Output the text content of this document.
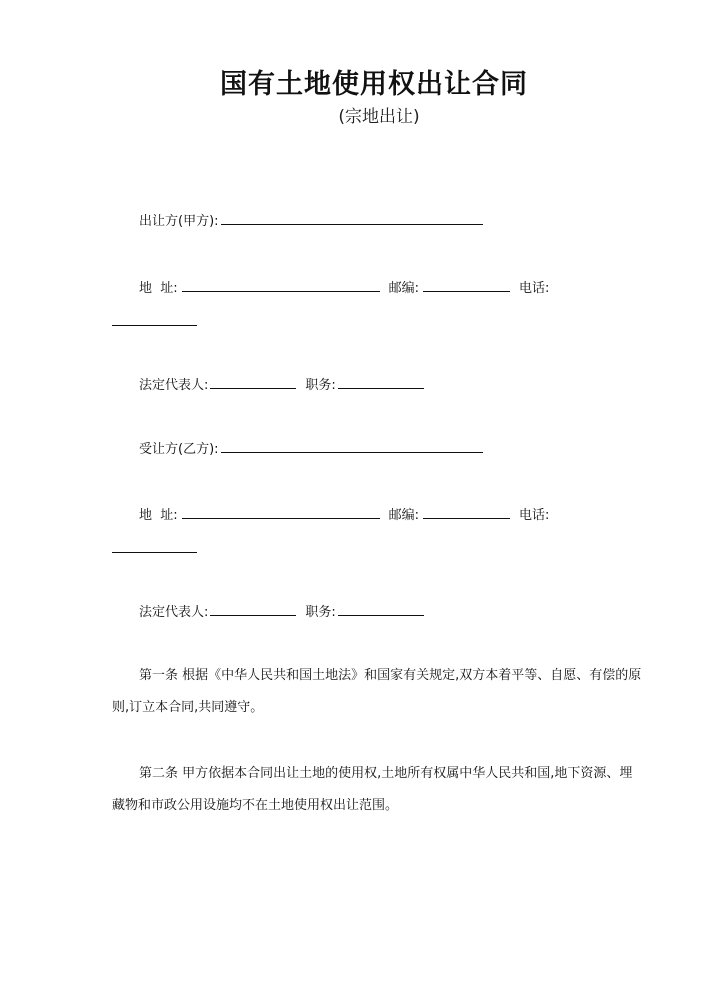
国有土地使用权出让合同
(宗地出让)
出让方(甲方):
地  址:	邮编:	电话:
法定代表人:	职务:
受让方(乙方):
地  址:	邮编:	电话:
法定代表人:	职务:
第一条 根据《中华人民共和国土地法》和国家有关规定,双方本着平等、自愿、有偿的原则,订立本合同,共同遵守。
第二条 甲方依据本合同出让土地的使用权,土地所有权属中华人民共和国,地下资源、埋藏物和市政公用设施均不在土地使用权出让范围。
